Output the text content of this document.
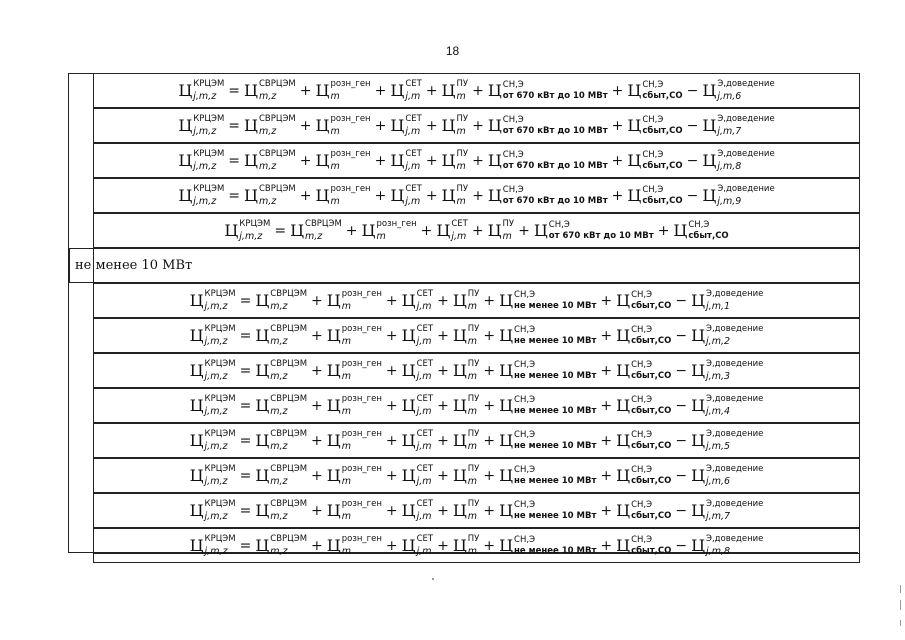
18
Ц КРЦЭМ
j,m,z = Ц СВРЦЭМ
m,z	+ Ц розн_ген
m	+ Ц СЕТ
j,m + Ц ПУ
m + Ц СН,Э
от 670 кВт до 10 МВт + Ц СН,Э
сбыт,СО − Ц Э,доведение
j,m,6
Ц КРЦЭМ
j,m,z = Ц СВРЦЭМ
m,z	+ Ц розн_ген
m	+ Ц СЕТ
j,m + Ц ПУ
m + Ц СН,Э
от 670 кВт до 10 МВт + Ц СН,Э
сбыт,СО − Ц Э,доведение
j,m,7
Ц КРЦЭМ
j,m,z = Ц СВРЦЭМ
m,z	+ Ц розн_ген
m	+ Ц СЕТ
j,m + Ц ПУ
m + Ц СН,Э
от 670 кВт до 10 МВт + Ц СН,Э
сбыт,СО − Ц Э,доведение
j,m,8
Ц КРЦЭМ
j,m,z = Ц СВРЦЭМ
m,z	+ Ц розн_ген
m	+ Ц СЕТ
j,m + Ц ПУ
m + Ц СН,Э
от 670 кВт до 10 МВт + Ц СН,Э
сбыт,СО − Ц Э,доведение
j,m,9
Ц КРЦЭМ
j,m,z = Ц СВРЦЭМ
m,z	+ Ц розн_ген
m	+ Ц СЕТ
j,m + Ц ПУ
m + Ц СН,Э
от 670 кВт до 10 МВт + Ц СН,Э
сбыт,СО
не менее 10 МВт
Ц КРЦЭМ
j,m,z = Ц СВРЦЭМ
m,z	+ Ц розн_ген
m	+ Ц СЕТ
j,m + Ц ПУ
m + Ц СН,Э
не менее 10 МВт + Ц СН,Э
сбыт,СО − Ц Э,доведение
j,m,1
Ц КРЦЭМ
j,m,z = Ц СВРЦЭМ
m,z	+ Ц розн_ген
m	+ Ц СЕТ
j,m + Ц ПУ
m + Ц СН,Э
не менее 10 МВт + Ц СН,Э
сбыт,СО − Ц Э,доведение
j,m,2
Ц КРЦЭМ
j,m,z = Ц СВРЦЭМ
m,z	+ Ц розн_ген
m	+ Ц СЕТ
j,m + Ц ПУ
m + Ц СН,Э
не менее 10 МВт + Ц СН,Э
сбыт,СО − Ц Э,доведение
j,m,3
Ц КРЦЭМ
j,m,z = Ц СВРЦЭМ
m,z	+ Ц розн_ген
m	+ Ц СЕТ
j,m + Ц ПУ
m + Ц СН,Э
не менее 10 МВт + Ц СН,Э
сбыт,СО − Ц Э,доведение
j,m,4
Ц КРЦЭМ
j,m,z = Ц СВРЦЭМ
m,z	+ Ц розн_ген
m	+ Ц СЕТ
j,m + Ц ПУ
m + Ц СН,Э
не менее 10 МВт + Ц СН,Э
сбыт,СО − Ц Э,доведение
j,m,5
Ц КРЦЭМ
j,m,z = Ц СВРЦЭМ
m,z	+ Ц розн_ген
m	+ Ц СЕТ
j,m + Ц ПУ
m + Ц СН,Э
не менее 10 МВт + Ц СН,Э
сбыт,СО − Ц Э,доведение
j,m,6
Ц КРЦЭМ
j,m,z = Ц СВРЦЭМ
m,z	+ Ц розн_ген
m	+ Ц СЕТ
j,m + Ц ПУ
m + Ц СН,Э
не менее 10 МВт + Ц СН,Э
сбыт,СО − Ц Э,доведение
j,m,7
Ц КРЦЭМ
j,m,z = Ц СВРЦЭМ
m,z	+ Ц розн_ген
m	+ Ц СЕТ
j,m + Ц ПУ
m + Ц СН,Э
не менее 10 МВт + Ц СН,Э
сбыт,СО − Ц Э,доведение
j,m,8
